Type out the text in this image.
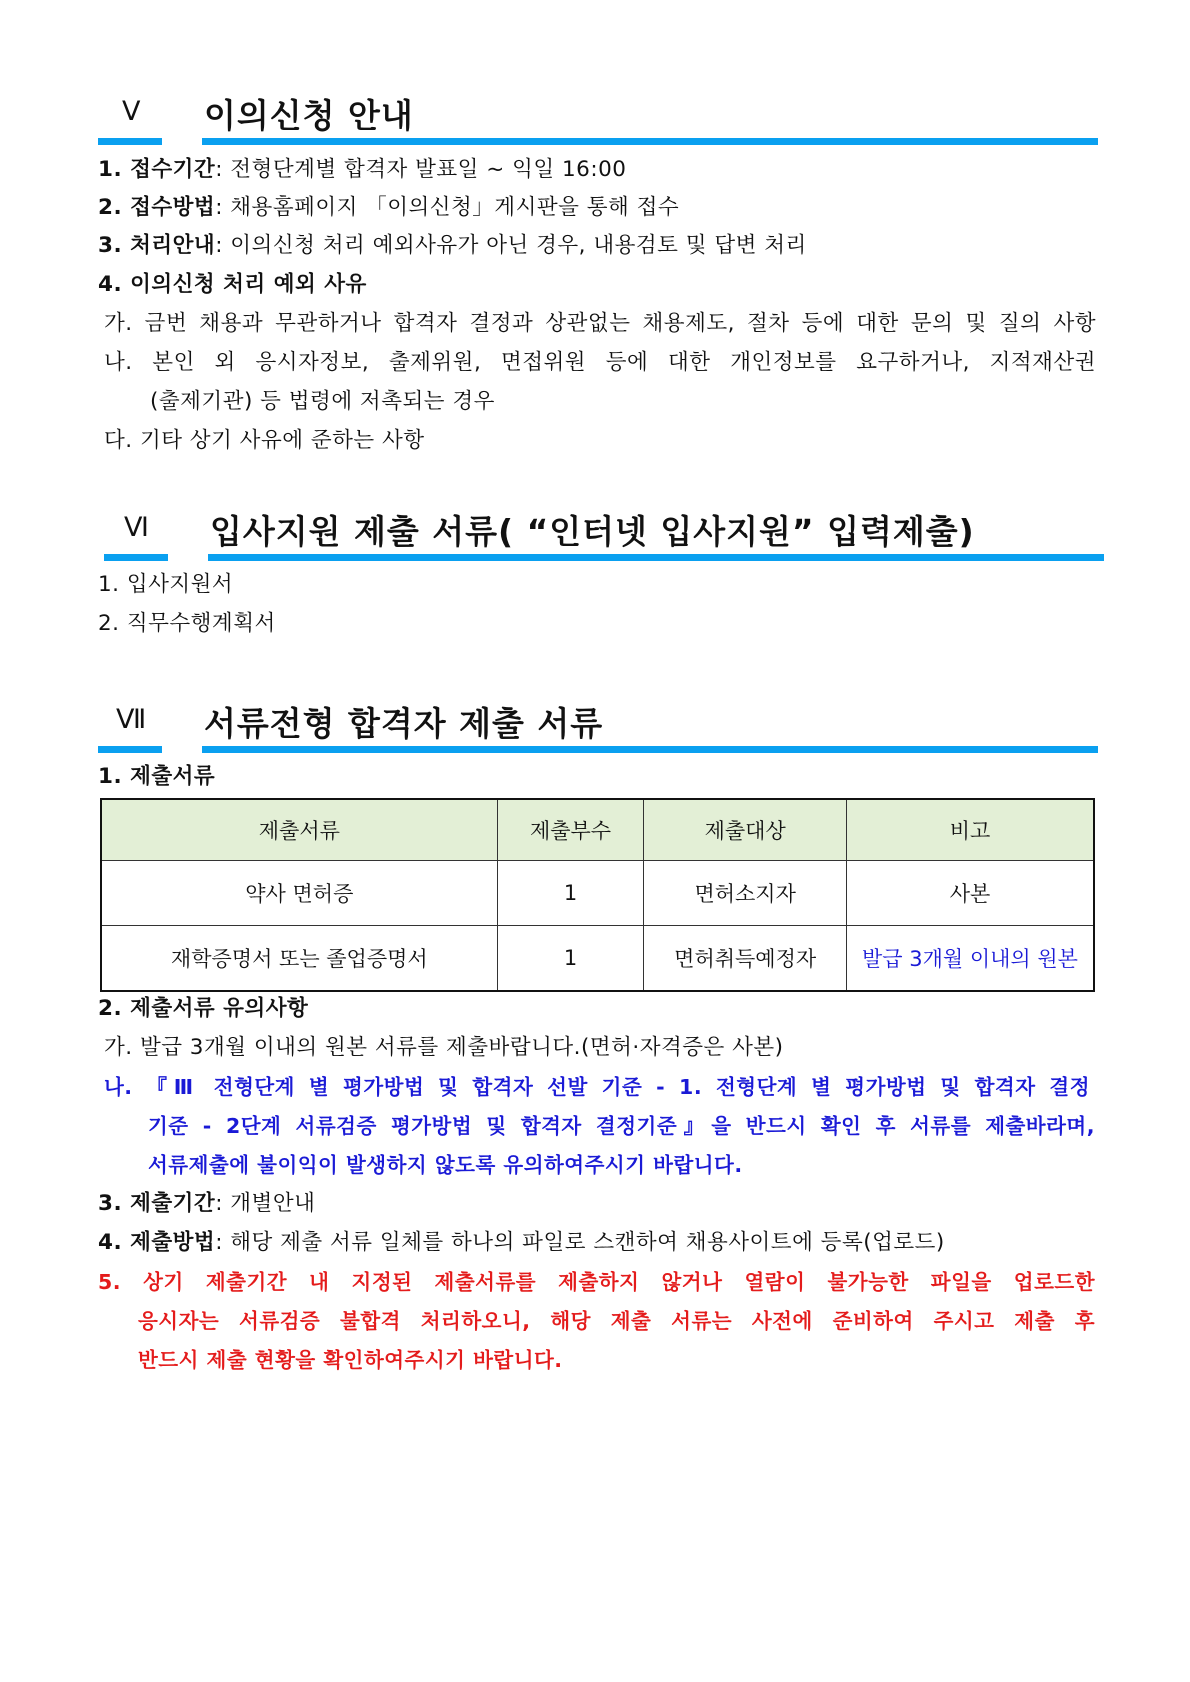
Ⅴ 이의신청 안내
1. 접수기간: 전형단계별 합격자 발표일 ~ 익일 16:00
2. 접수방법: 채용홈페이지 「이의신청」게시판을 통해 접수
3. 처리안내: 이의신청 처리 예외사유가 아닌 경우, 내용검토 및 답변 처리
4. 이의신청 처리 예외 사유
가. 금번 채용과 무관하거나 합격자 결정과 상관없는 채용제도, 절차 등에 대한 문의 및 질의 사항
나. 본인 외 응시자정보, 출제위원, 면접위원 등에 대한 개인정보를 요구하거나, 지적재산권
(출제기관) 등 법령에 저촉되는 경우
다. 기타 상기 사유에 준하는 사항
Ⅵ 입사지원 제출 서류( “인터넷 입사지원” 입력제출)
1. 입사지원서
2. 직무수행계획서
Ⅶ 서류전형 합격자 제출 서류
1. 제출서류
제출서류	제출부수	제출대상	비고
약사 면허증	1	면허소지자	사본
재학증명서 또는 졸업증명서	1	면허취득예정자	발급 3개월 이내의 원본
2. 제출서류 유의사항
가. 발급 3개월 이내의 원본 서류를 제출바랍니다.(면허·자격증은 사본)
나. 『Ⅲ 전형단계 별 평가방법 및 합격자 선발 기준 - 1. 전형단계 별 평가방법 및 합격자 결정
기준 - 2단계 서류검증 평가방법 및 합격자 결정기준』을 반드시 확인 후 서류를 제출바라며,
서류제출에 불이익이 발생하지 않도록 유의하여주시기 바랍니다.
3. 제출기간: 개별안내
4. 제출방법: 해당 제출 서류 일체를 하나의 파일로 스캔하여 채용사이트에 등록(업로드)
5. 상기 제출기간 내 지정된 제출서류를 제출하지 않거나 열람이 불가능한 파일을 업로드한
응시자는 서류검증 불합격 처리하오니, 해당 제출 서류는 사전에 준비하여 주시고 제출 후
반드시 제출 현황을 확인하여주시기 바랍니다.
